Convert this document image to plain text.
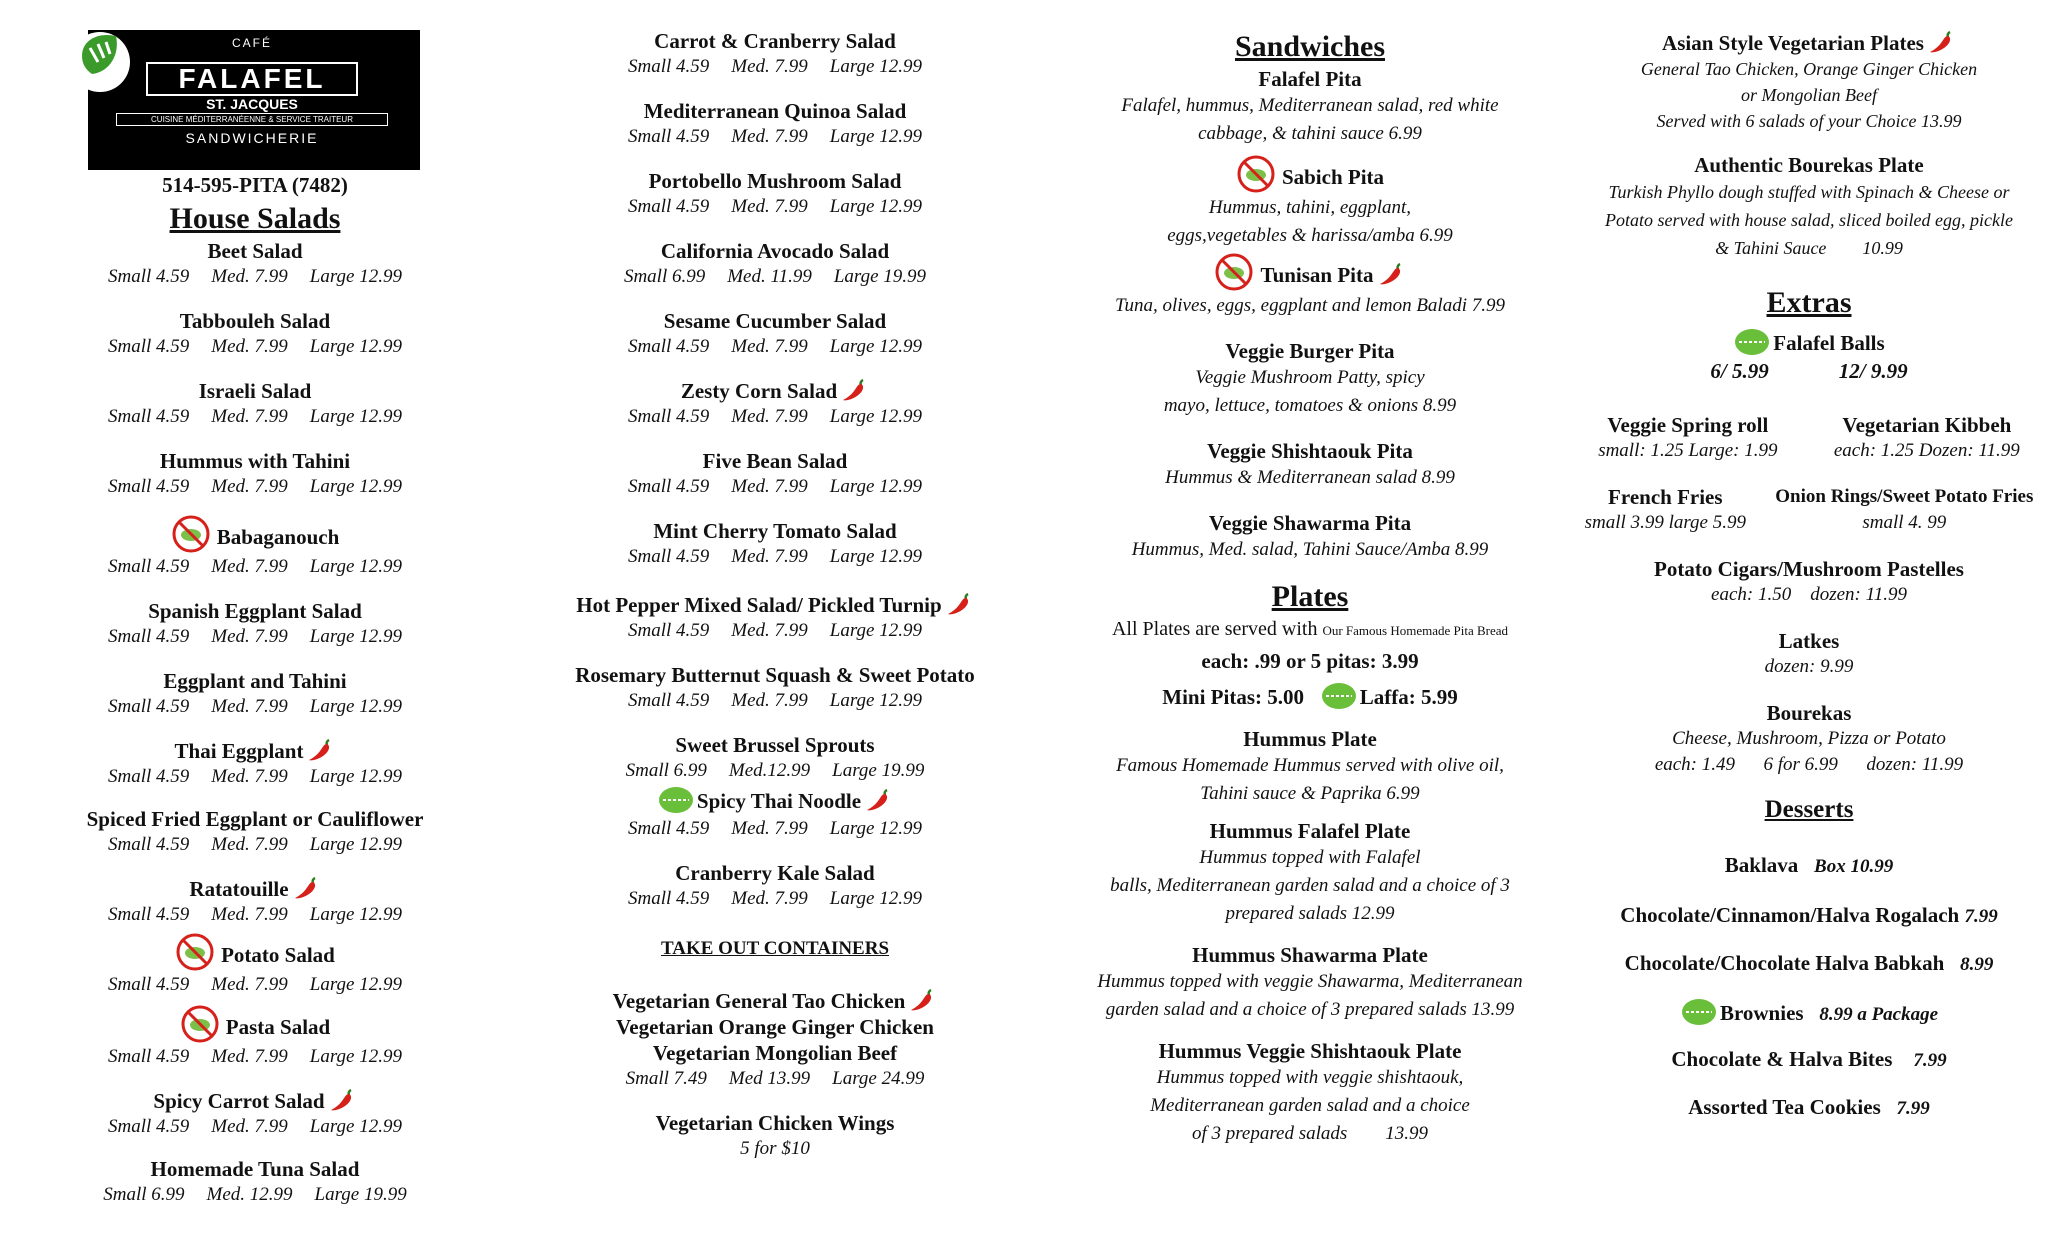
CAFÉ
FALAFEL
ST. JACQUES
CUISINE MÉDITERRANÉENNE & SERVICE TRAITEUR
SANDWICHERIE
514-595-PITA (7482)
House Salads
Beet Salad
Small 4.59 Med. 7.99 Large 12.99
Tabbouleh Salad
Small 4.59 Med. 7.99 Large 12.99
Israeli Salad
Small 4.59 Med. 7.99 Large 12.99
Hummus with Tahini
Small 4.59 Med. 7.99 Large 12.99
Babaganouch
Small 4.59 Med. 7.99 Large 12.99
Spanish Eggplant Salad
Small 4.59 Med. 7.99 Large 12.99
Eggplant and Tahini
Small 4.59 Med. 7.99 Large 12.99
Thai Eggplant
Small 4.59 Med. 7.99 Large 12.99
Spiced Fried Eggplant or Cauliflower
Small 4.59 Med. 7.99 Large 12.99
Ratatouille
Small 4.59 Med. 7.99 Large 12.99
Potato Salad
Small 4.59 Med. 7.99 Large 12.99
Pasta Salad
Small 4.59 Med. 7.99 Large 12.99
Spicy Carrot Salad
Small 4.59 Med. 7.99 Large 12.99
Homemade Tuna Salad
Small 6.99 Med. 12.99 Large 19.99
Carrot & Cranberry Salad
Small 4.59 Med. 7.99 Large 12.99
Mediterranean Quinoa Salad
Small 4.59 Med. 7.99 Large 12.99
Portobello Mushroom Salad
Small 4.59 Med. 7.99 Large 12.99
California Avocado Salad
Small 6.99 Med. 11.99 Large 19.99
Sesame Cucumber Salad
Small 4.59 Med. 7.99 Large 12.99
Zesty Corn Salad
Small 4.59 Med. 7.99 Large 12.99
Five Bean Salad
Small 4.59 Med. 7.99 Large 12.99
Mint Cherry Tomato Salad
Small 4.59 Med. 7.99 Large 12.99
Hot Pepper Mixed Salad/ Pickled Turnip
Small 4.59 Med. 7.99 Large 12.99
Rosemary Butternut Squash & Sweet Potato
Small 4.59 Med. 7.99 Large 12.99
Sweet Brussel Sprouts
Small 6.99 Med.12.99 Large 19.99
Spicy Thai Noodle
Small 4.59 Med. 7.99 Large 12.99
Cranberry Kale Salad
Small 4.59 Med. 7.99 Large 12.99
TAKE OUT CONTAINERS
Vegetarian General Tao Chicken
Vegetarian Orange Ginger Chicken
Vegetarian Mongolian Beef
Small 7.49 Med 13.99 Large 24.99
Vegetarian Chicken Wings
5 for $10
Sandwiches
Falafel Pita
Falafel, hummus, Mediterranean salad, red white
cabbage, & tahini sauce 6.99
Sabich Pita
Hummus, tahini, eggplant,
eggs,vegetables & harissa/amba 6.99
Tunisan Pita
Tuna, olives, eggs, eggplant and lemon Baladi 7.99
Veggie Burger Pita
Veggie Mushroom Patty, spicy
mayo, lettuce, tomatoes & onions 8.99
Veggie Shishtaouk Pita
Hummus & Mediterranean salad 8.99
Veggie Shawarma Pita
Hummus, Med. salad, Tahini Sauce/Amba 8.99
Plates
All Plates are served with Our Famous Homemade Pita Bread
each: .99 or 5 pitas: 3.99
Mini Pitas: 5.00	Laffa: 5.99
Hummus Plate
Famous Homemade Hummus served with olive oil,
Tahini sauce & Paprika 6.99
Hummus Falafel Plate
Hummus topped with Falafel
balls, Mediterranean garden salad and a choice of 3
prepared salads 12.99
Hummus Shawarma Plate
Hummus topped with veggie Shawarma, Mediterranean
garden salad and a choice of 3 prepared salads 13.99
Hummus Veggie Shishtaouk Plate
Hummus topped with veggie shishtaouk,
Mediterranean garden salad and a choice
of 3 prepared salads        13.99
Asian Style Vegetarian Plates
General Tao Chicken, Orange Ginger Chicken
or Mongolian Beef
Served with 6 salads of your Choice 13.99
Authentic Bourekas Plate
Turkish Phyllo dough stuffed with Spinach & Cheese or
Potato served with house salad, sliced boiled egg, pickle
& Tahini Sauce        10.99
Extras
Falafel Balls
6/ 5.99	12/ 9.99
Veggie Spring roll
small: 1.25 Large: 1.99
Vegetarian Kibbeh
each: 1.25 Dozen: 11.99
French Fries
small 3.99 large 5.99
Onion Rings/Sweet Potato Fries
small 4. 99
Potato Cigars/Mushroom Pastelles
each: 1.50    dozen: 11.99
Latkes
dozen: 9.99
Bourekas
Cheese, Mushroom, Pizza or Potato
each: 1.49      6 for 6.99      dozen: 11.99
Desserts
Baklava Box 10.99
Chocolate/Cinnamon/Halva Rogalach 7.99
Chocolate/Chocolate Halva Babkah 8.99
Brownies 8.99 a Package
Chocolate & Halva Bites 7.99
Assorted Tea Cookies 7.99
